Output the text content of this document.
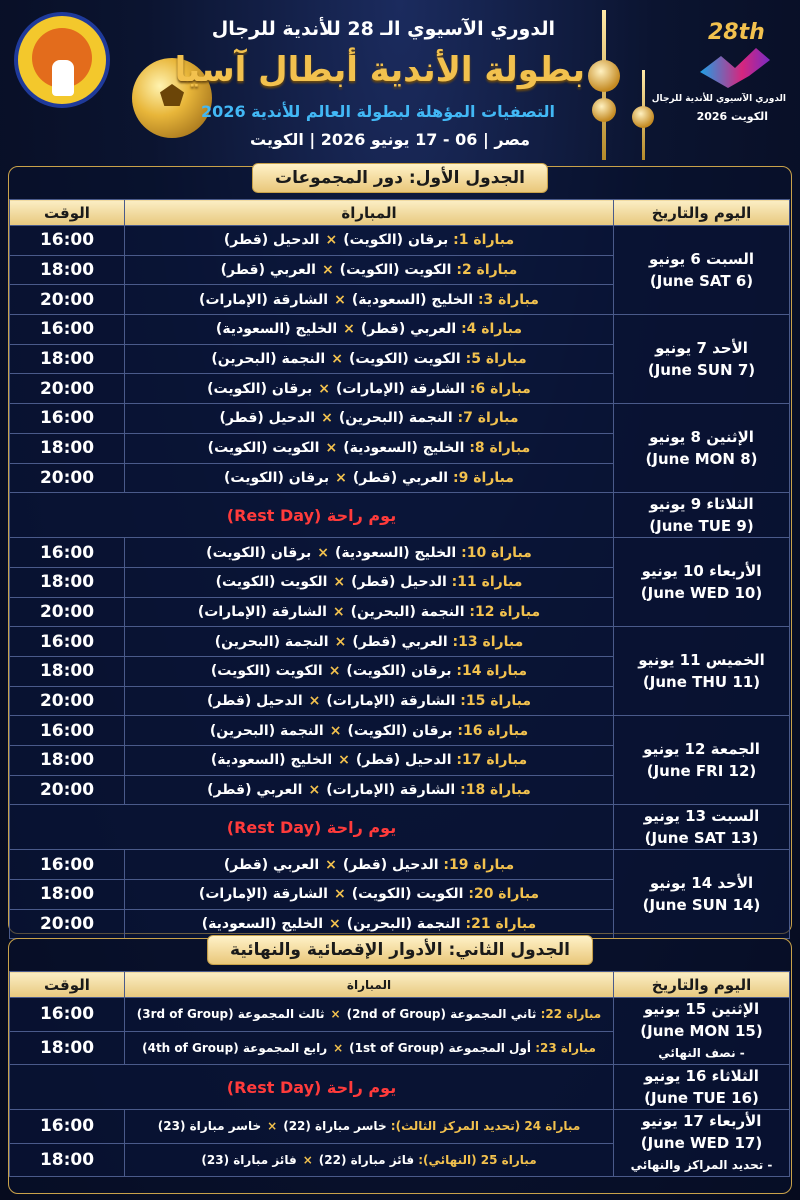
الدوري الآسيوي الـ 28 للأندية للرجال
بطولة الأندية أبطال آسيا
التصفيات المؤهلة لبطولة العالم للأندية 2026
مصر | 06 - 17 يونيو 2026 | الكويت
28th
الدوري الآسيوي للأندية للرجال
الكويت 2026
الجدول الأول: دور المجموعات
اليوم والتاريخ	المباراة	الوقت

السبت 6 يونيو
(6 June SAT)	مباراة 1: برقان (الكويت)×الدحيل (قطر)	16:00
	مباراة 2: الكويت (الكويت)×العربي (قطر)	18:00
	مباراة 3: الخليج (السعودية)×الشارقة (الإمارات)	20:00

الأحد 7 يونيو
(7 June SUN)	مباراة 4: العربي (قطر)×الخليج (السعودية)	16:00
	مباراة 5: الكويت (الكويت)×النجمة (البحرين)	18:00
	مباراة 6: الشارقة (الإمارات)×برقان (الكويت)	20:00

الإثنين 8 يونيو
(8 June MON)	مباراة 7: النجمة (البحرين)×الدحيل (قطر)	16:00
	مباراة 8: الخليج (السعودية)×الكويت (الكويت)	18:00
	مباراة 9: العربي (قطر)×برقان (الكويت)	20:00

الثلاثاء 9 يونيو
(9 June TUE)	يوم راحة (Rest Day)	

الأربعاء 10 يونيو
(10 June WED)	مباراة 10: الخليج (السعودية)×برقان (الكويت)	16:00
	مباراة 11: الدحيل (قطر)×الكويت (الكويت)	18:00
	مباراة 12: النجمة (البحرين)×الشارقة (الإمارات)	20:00

الخميس 11 يونيو
(11 June THU)	مباراة 13: العربي (قطر)×النجمة (البحرين)	16:00
	مباراة 14: برقان (الكويت)×الكويت (الكويت)	18:00
	مباراة 15: الشارقة (الإمارات)×الدحيل (قطر)	20:00

الجمعة 12 يونيو
(12 June FRI)	مباراة 16: برقان (الكويت)×النجمة (البحرين)	16:00
	مباراة 17: الدحيل (قطر)×الخليج (السعودية)	18:00
	مباراة 18: الشارقة (الإمارات)×العربي (قطر)	20:00

السبت 13 يونيو
(13 June SAT)	يوم راحة (Rest Day)	

الأحد 14 يونيو
(14 June SUN)	مباراة 19: الدحيل (قطر)×العربي (قطر)	16:00
	مباراة 20: الكويت (الكويت)×الشارقة (الإمارات)	18:00
	مباراة 21: النجمة (البحرين)×الخليج (السعودية)	20:00
الجدول الثاني: الأدوار الإقصائية والنهائية
اليوم والتاريخ	المباراة	الوقت

الإثنين 15 يونيو
(15 June MON)
- نصف النهائي	مباراة 22: ثاني المجموعة (2nd of Group)×ثالث المجموعة (3rd of Group)	16:00
	مباراة 23: أول المجموعة (1st of Group)×رابع المجموعة (4th of Group)	18:00

الثلاثاء 16 يونيو
(16 June TUE)	يوم راحة (Rest Day)	

الأربعاء 17 يونيو
(17 June WED)
- تحديد المراكز والنهائي	مباراة 24 (تحديد المركز الثالث): خاسر مباراة (22)×خاسر مباراة (23)	16:00
	مباراة 25 (النهائي): فائز مباراة (22)×فائز مباراة (23)	18:00
